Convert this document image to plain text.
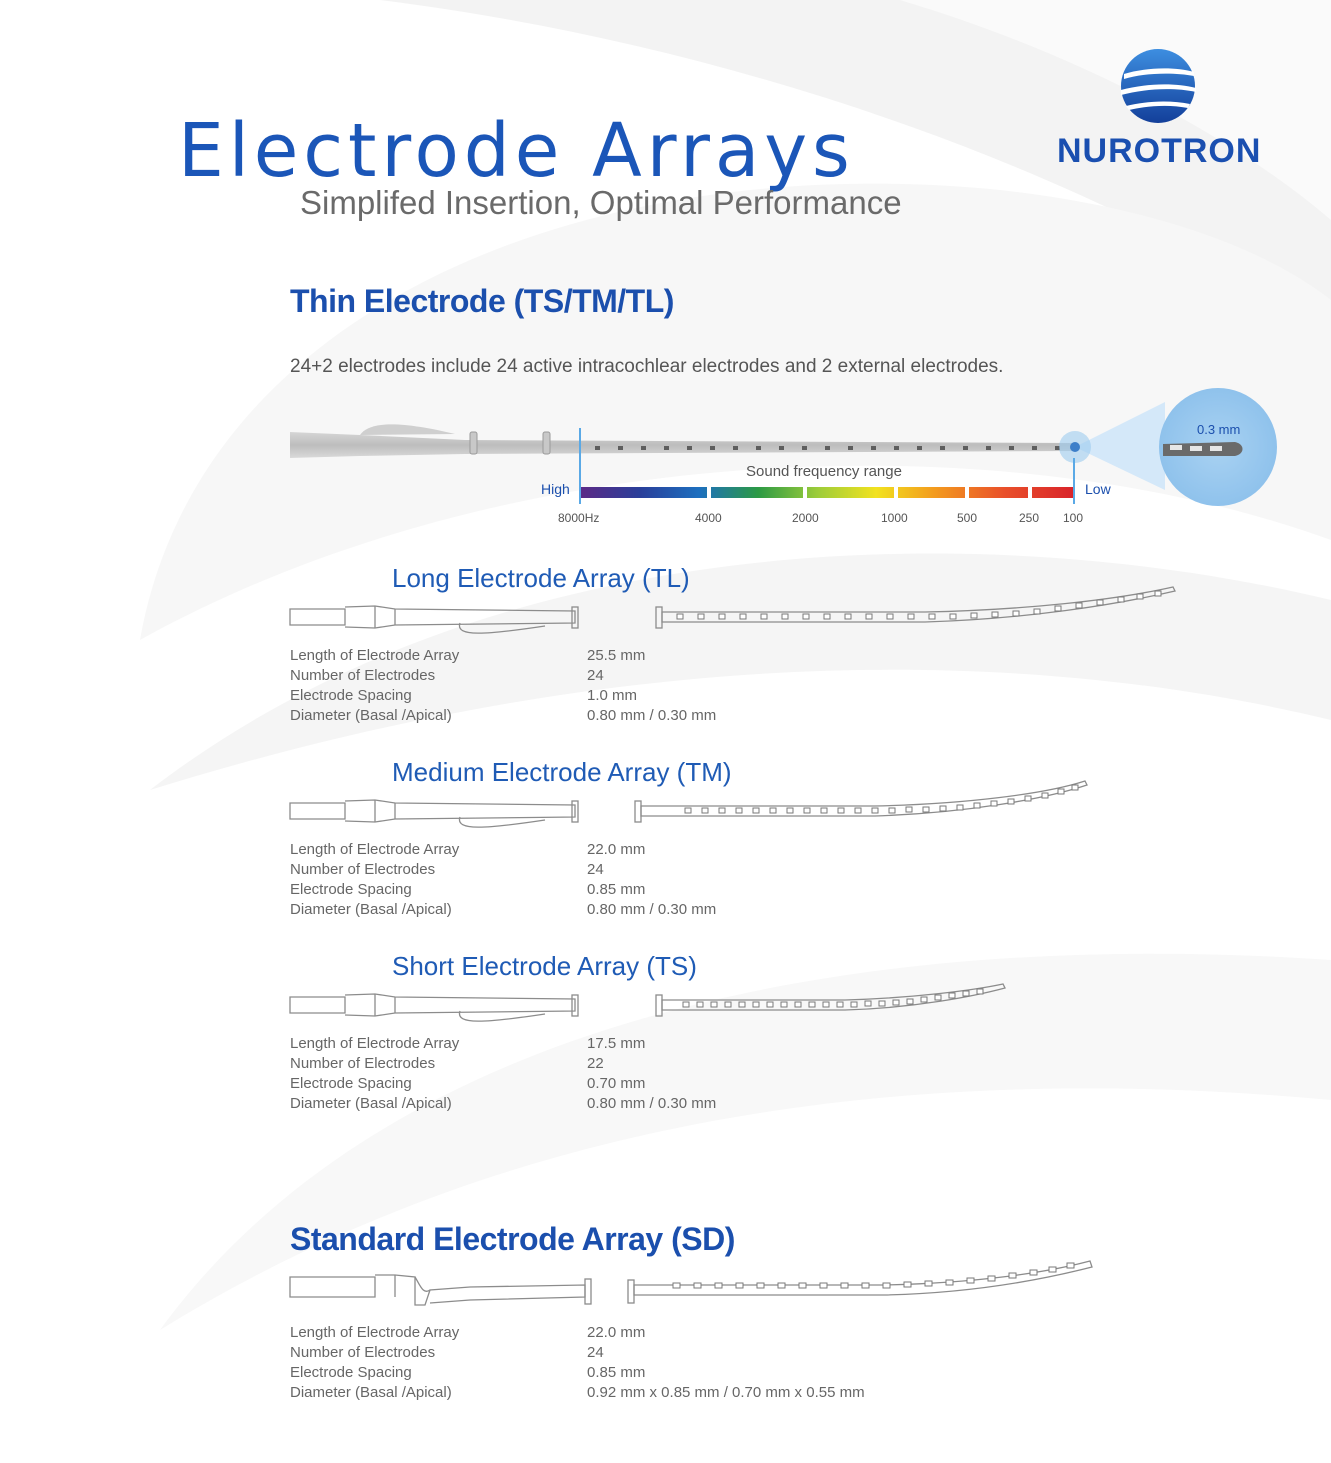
Electrode Arrays
Simplifed Insertion, Optimal Performance
NUROTRON
Thin Electrode (TS/TM/TL)
24+2 electrodes include 24 active intracochlear electrodes and 2 external electrodes.
0.3 mm
Sound frequency range
High	Low
8000Hz	4000	2000	1000	500	250 100
Long Electrode Array (TL)
Length of Electrode Array	25.5 mm
Number of Electrodes	24
Electrode Spacing	1.0 mm
Diameter (Basal /Apical)	0.80 mm / 0.30 mm
Medium Electrode Array (TM)
Length of Electrode Array	22.0 mm
Number of Electrodes	24
Electrode Spacing	0.85 mm
Diameter (Basal /Apical)	0.80 mm / 0.30 mm
Short Electrode Array (TS)
Length of Electrode Array	17.5 mm
Number of Electrodes	22
Electrode Spacing	0.70 mm
Diameter (Basal /Apical)	0.80 mm / 0.30 mm
Standard Electrode Array (SD)
Length of Electrode Array	22.0 mm
Number of Electrodes	24
Electrode Spacing	0.85 mm
Diameter (Basal /Apical)	0.92 mm x 0.85 mm / 0.70 mm x 0.55 mm
